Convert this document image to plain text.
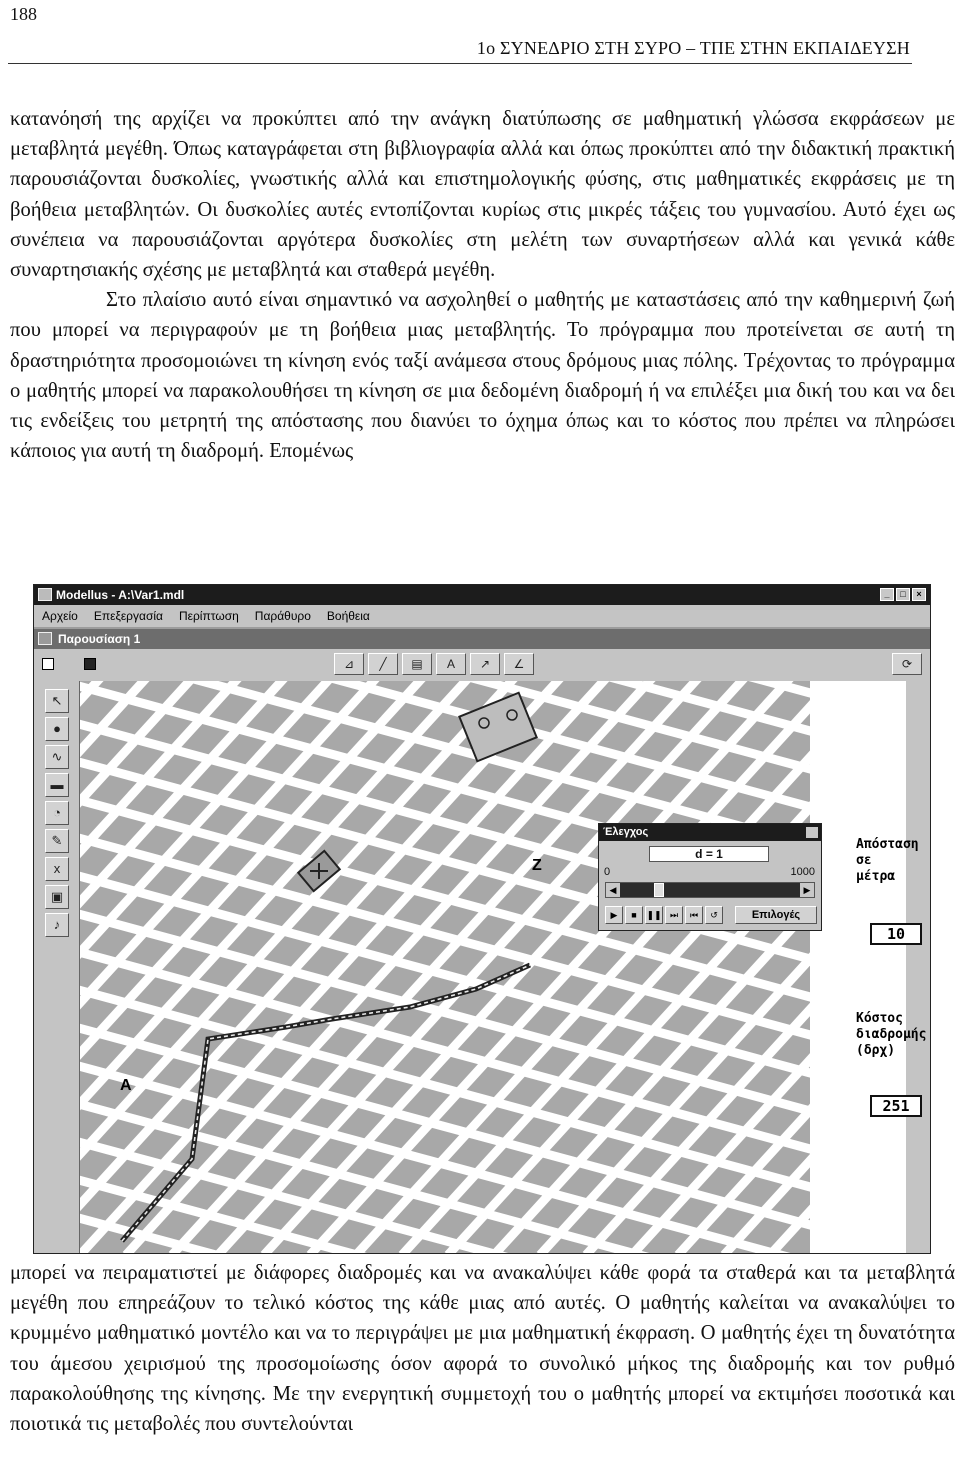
188
1ο ΣΥΝΕΔΡΙΟ ΣΤΗ ΣΥΡΟ – ΤΠΕ ΣΤΗΝ ΕΚΠΑΙΔΕΥΣΗ

κατανόησή της αρχίζει να προκύπτει από την ανάγκη διατύπωσης σε μαθηματική γλώσσα εκφράσεων με μεταβλητά μεγέθη. Όπως καταγράφεται στη βιβλιογραφία αλλά και όπως προκύπτει από την διδακτική πρακτική παρουσιάζονται δυσκολίες, γνωστικής αλλά και επιστημολογικής φύσης, στις μαθηματικές εκφράσεις με τη βοήθεια μεταβλητών. Οι δυσκολίες αυτές εντοπίζονται κυρίως στις μικρές τάξεις του γυμνασίου. Αυτό έχει ως συνέπεια να παρουσιάζονται αργότερα δυσκολίες στη μελέτη των συναρτήσεων αλλά και γενικά κάθε συναρτησιακής σχέσης με μεταβλητά και σταθερά μεγέθη.

Στο πλαίσιο αυτό είναι σημαντικό να ασχοληθεί ο μαθητής με καταστάσεις από την καθημερινή ζωή που μπορεί να περιγραφούν με τη βοήθεια μιας μεταβλητής. Το πρόγραμμα που προτείνεται σε αυτή τη δραστηριότητα προσομοιώνει τη κίνηση ενός ταξί ανάμεσα στους δρόμους μιας πόλης. Τρέχοντας το πρόγραμμα ο μαθητής μπορεί να παρακολουθήσει τη κίνηση σε μια δεδομένη διαδρομή ή να επιλέξει μια δική του και να δει τις ενδείξεις του μετρητή της απόστασης που διανύει το όχημα όπως και το κόστος που πρέπει να πληρώσει κάποιος για αυτή τη διαδρομή. Επομένως

Modellus - A:\Var1.mdl	_	□	×
Αρχείο Επεξεργασία Περίπτωση Παράθυρο Βοήθεια
Παρουσίαση 1
⊿	╱	▤	A	↗	∠	⟳
↖
●
∿
▬
◔
✎
x
▣
♪
A
Z
Έλεγχος
d = 1
0	1000
◀	▶
▶	■	❚❚ ⏭	⏮	↺	Επιλογές
Απόσταση
σε
μέτρα
10
Κόστος
διαδρομής
(δρχ)
251

μπορεί να πειραματιστεί με διάφορες διαδρομές και να ανακαλύψει κάθε φορά τα σταθερά και τα μεταβλητά μεγέθη που επηρεάζουν το τελικό κόστος της κάθε μιας από αυτές. Ο μαθητής καλείται να ανακαλύψει το κρυμμένο μαθηματικό μοντέλο και να το περιγράψει με μια μαθηματική έκφραση. Ο μαθητής έχει τη δυνατότητα του άμεσου χειρισμού της προσομοίωσης όσον αφορά το συνολικό μήκος της διαδρομής και τον ρυθμό παρακολούθησης της κίνησης. Με την ενεργητική συμμετοχή του ο μαθητής μπορεί να εκτιμήσει ποσοτικά και ποιοτικά τις μεταβολές που συντελούνται
